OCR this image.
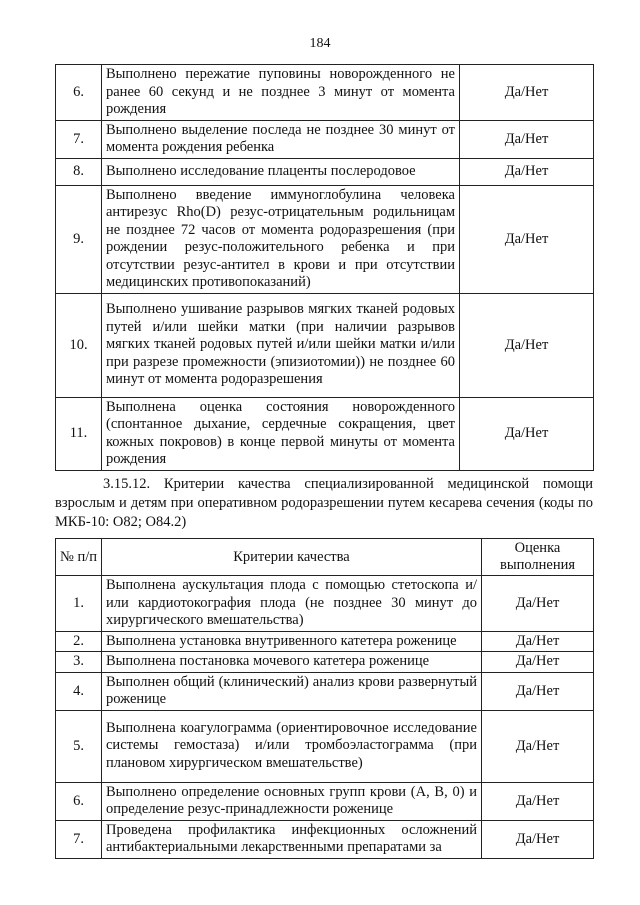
184
6.	Выполнено пережатие пуповины новорожденного не ранее 60 секунд и не позднее 3 минут от момента рождения	Да/Нет
7.	Выполнено выделение последа не позднее 30 минут от момента рождения ребенка	Да/Нет
8.	Выполнено исследование плаценты послеродовое	Да/Нет
9.	Выполнено введение иммуноглобулина человека антирезус Rho(D) резус-отрицательным родильницам не позднее 72 часов от момента родоразрешения (при рождении резус-положительного ребенка и при отсутствии резус-антител в крови и при отсутствии медицинских противопоказаний)	Да/Нет
10.	Выполнено ушивание разрывов мягких тканей родовых путей и/или шейки матки (при наличии разрывов мягких тканей родовых путей и/или шейки матки и/или при разрезе промежности (эпизиотомии)) не позднее 60 минут от момента родоразрешения	Да/Нет
11.	Выполнена оценка состояния новорожденного (спонтанное дыхание, сердечные сокращения, цвет кожных покровов) в конце первой минуты от момента рождения	Да/Нет
3.15.12. Критерии качества специализированной медицинской помощи взрослым и детям при оперативном родоразрешении путем кесарева сечения (коды по МКБ-10: O82; O84.2)
№ п/п	Критерии качества	Оценка выполнения
1.	Выполнена аускультация плода с помощью стетоскопа и/или кардиотокография плода (не позднее 30 минут до хирургического вмешательства)	Да/Нет
2.	Выполнена установка внутривенного катетера роженице	Да/Нет
3.	Выполнена постановка мочевого катетера роженице	Да/Нет
4.	Выполнен общий (клинический) анализ крови развернутый роженице	Да/Нет
5.	Выполнена коагулограмма (ориентировочное исследование системы гемостаза) и/или тромбоэластограмма (при плановом хирургическом вмешательстве)	Да/Нет
6.	Выполнено определение основных групп крови (A, B, 0) и определение резус-принадлежности роженице	Да/Нет
7.	Проведена профилактика инфекционных осложнений антибактериальными лекарственными препаратами за	Да/Нет
